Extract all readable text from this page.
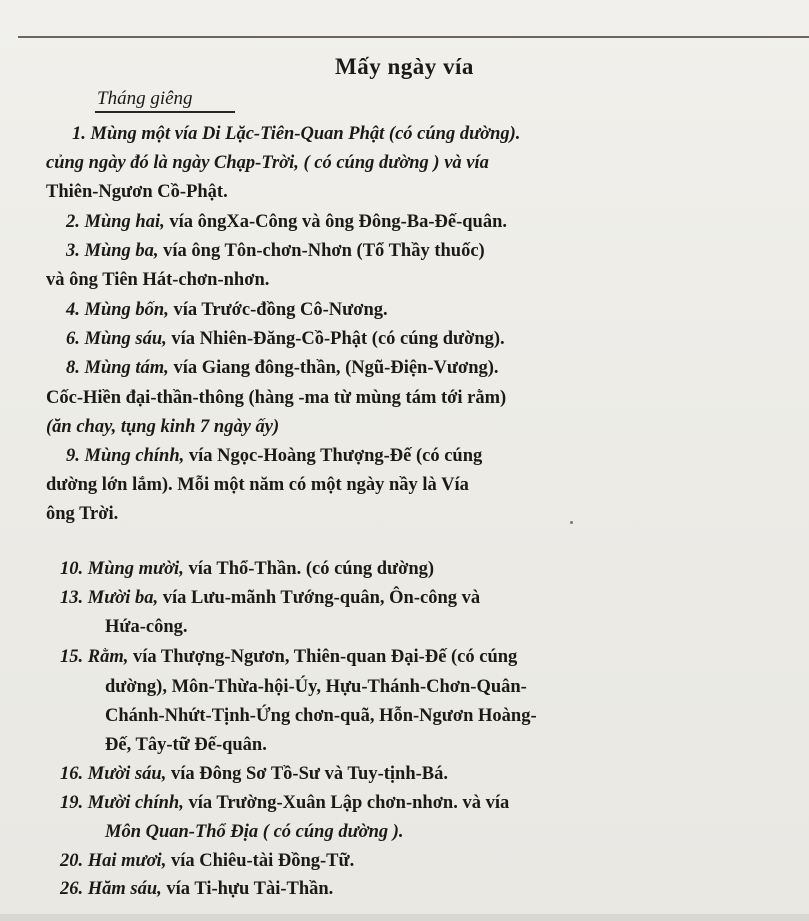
Mấy ngày vía
Tháng giêng
1. Mùng một vía Di Lặc-Tiên-Quan Phật (có cúng dường).
củng ngày đó là ngày Chạp-Trời, ( có cúng dường ) và vía
Thiên-Ngươn Cồ-Phật.
2. Mùng hai, vía ôngXa-Công và ông Đông-Ba-Đế-quân.
3. Mùng ba, vía ông Tôn-chơn-Nhơn (Tổ Thầy thuốc)
và ông Tiên Hát-chơn-nhơn.
4. Mùng bốn, vía Trước-đồng Cô-Nương.
6. Mùng sáu, vía Nhiên-Đăng-Cồ-Phật (có cúng dường).
8. Mùng tám, vía Giang đông-thần, (Ngũ-Điện-Vương).
Cốc-Hiền đại-thần-thông (hàng -ma từ mùng tám tới rằm)
(ăn chay, tụng kinh 7 ngày ấy)
9. Mùng chính, vía Ngọc-Hoàng Thượng-Đế (có cúng
dường lớn lắm). Mỗi một năm có một ngày nầy là Vía
ông Trời.
10. Mùng mười, vía Thổ-Thần. (có cúng dường)
13. Mười ba, vía Lưu-mãnh Tướng-quân, Ôn-công và
Hứa-công.
15. Rằm, vía Thượng-Ngươn, Thiên-quan Đại-Đế (có cúng
dường), Môn-Thừa-hội-Úy, Hựu-Thánh-Chơn-Quân-
Chánh-Nhứt-Tịnh-Ứng chơn-quã, Hỗn-Ngươn Hoàng-
Đế, Tây-tữ Đế-quân.
16. Mười sáu, vía Đông Sơ Tồ-Sư và Tuy-tịnh-Bá.
19. Mười chính, vía Trường-Xuân Lập chơn-nhơn. và vía
Môn Quan-Thổ Địa ( có cúng dường ).
20. Hai mươi, vía Chiêu-tài Đồng-Tữ.
26. Hăm sáu, vía Ti-hựu Tài-Thần.
